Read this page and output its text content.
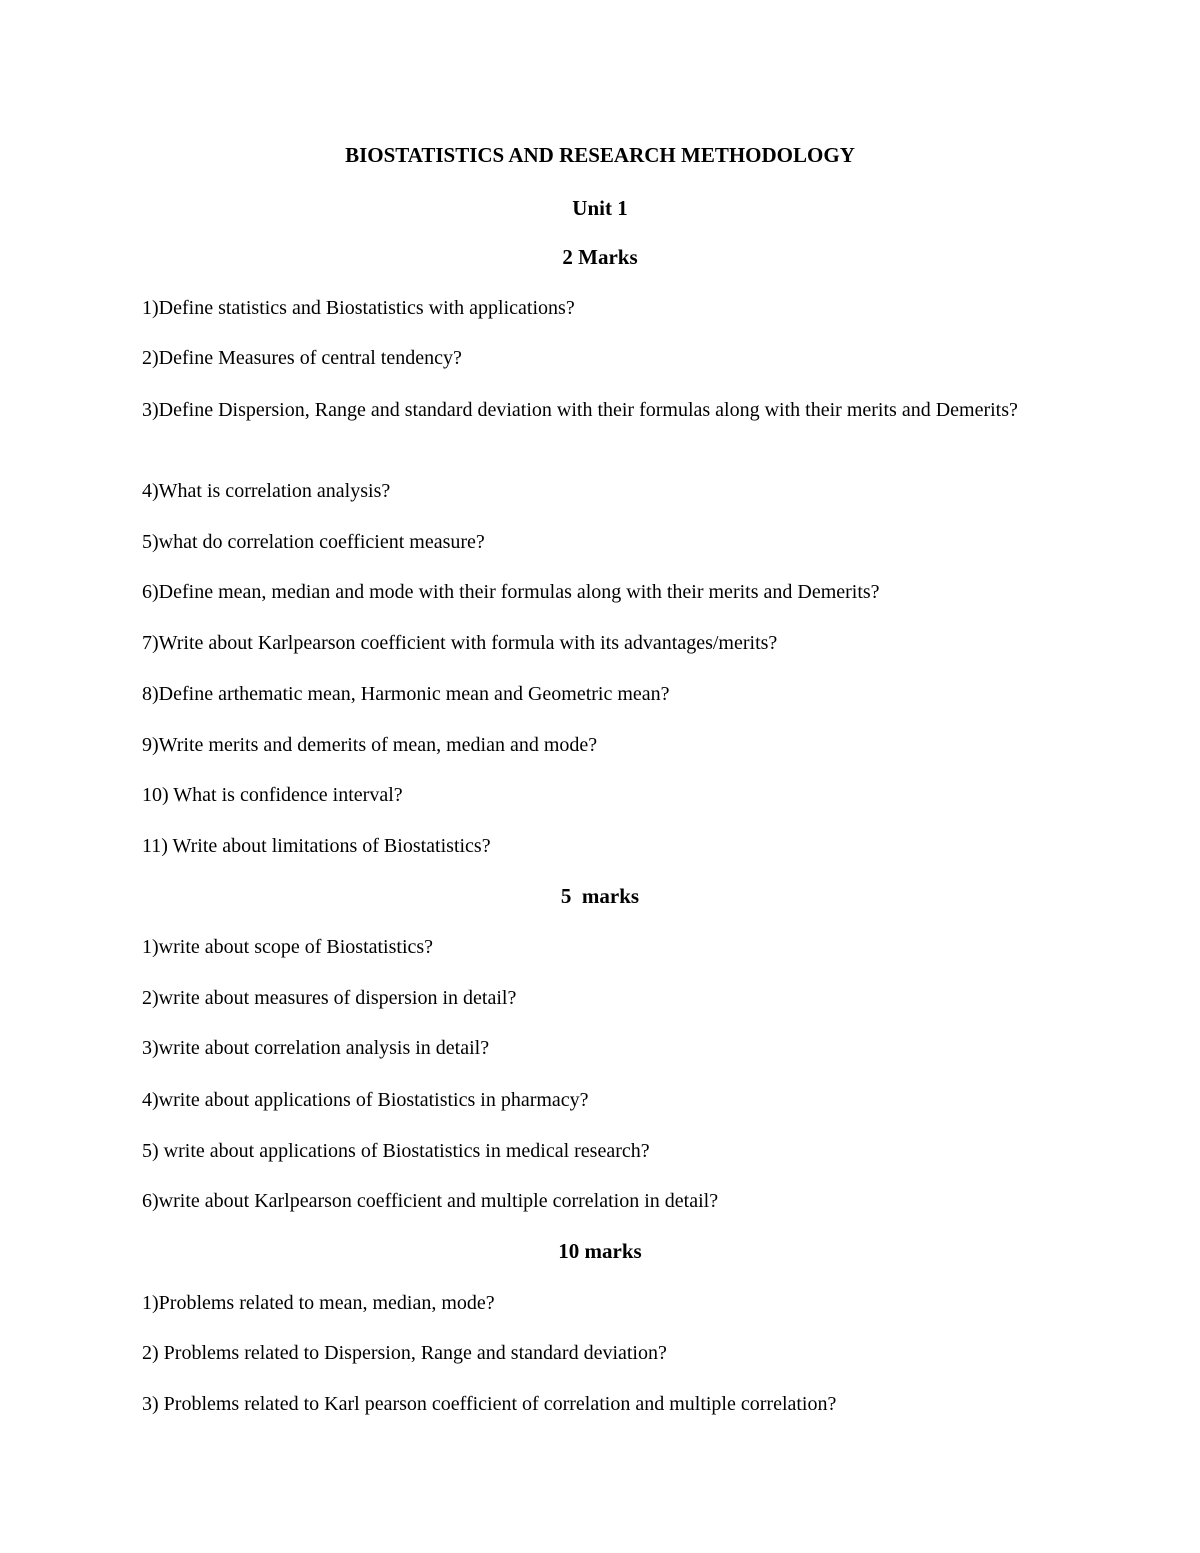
BIOSTATISTICS AND RESEARCH METHODOLOGY
Unit 1
2 Marks
1)Define statistics and Biostatistics with applications?
2)Define Measures of central tendency?
3)Define Dispersion, Range and standard deviation with their formulas along with their merits and Demerits?
4)What is correlation analysis?
5)what do correlation coefficient measure?
6)Define mean, median and mode with their formulas along with their merits and Demerits?
7)Write about Karlpearson coefficient with formula with its advantages/merits?
8)Define arthematic mean, Harmonic mean and Geometric mean?
9)Write merits and demerits of mean, median and mode?
10) What is confidence interval?
11) Write about limitations of Biostatistics?
5  marks
1)write about scope of Biostatistics?
2)write about measures of dispersion in detail?
3)write about correlation analysis in detail?
4)write about applications of Biostatistics in pharmacy?
5) write about applications of Biostatistics in medical research?
6)write about Karlpearson coefficient and multiple correlation in detail?
10 marks
1)Problems related to mean, median, mode?
2) Problems related to Dispersion, Range and standard deviation?
3) Problems related to Karl pearson coefficient of correlation and multiple correlation?
